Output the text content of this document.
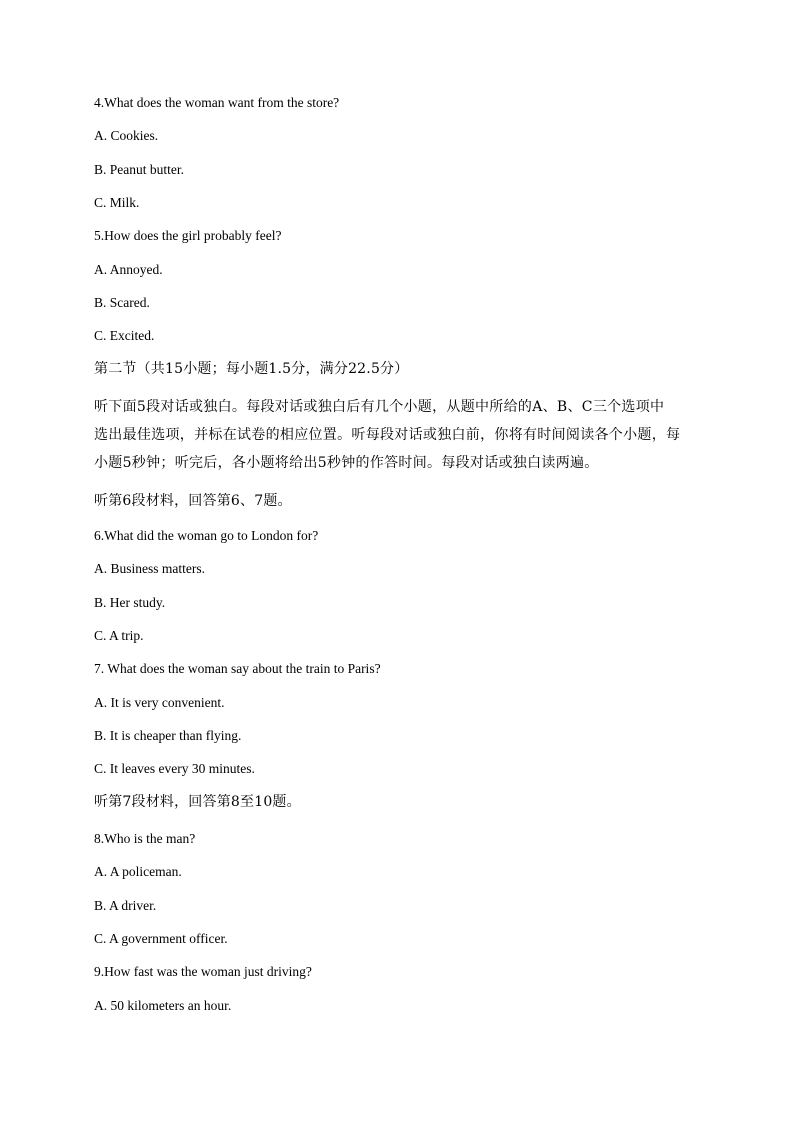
4.What does the woman want from the store?
A. Cookies.
B. Peanut butter.
C. Milk.
5.How does the girl probably feel?
A. Annoyed.
B. Scared.
C. Excited.
第二节（共15小题；每小题1.5分，满分22.5分）
听下面5段对话或独白。每段对话或独白后有几个小题，从题中所给的A、B、C三个选项中
选出最佳选项，并标在试卷的相应位置。听每段对话或独白前，你将有时间阅读各个小题，每
小题5秒钟；听完后，各小题将给出5秒钟的作答时间。每段对话或独白读两遍。
听第6段材料，回答第6、7题。
6.What did the woman go to London for?
A. Business matters.
B. Her study.
C. A trip.
7. What does the woman say about the train to Paris?
A. It is very convenient.
B. It is cheaper than flying.
C. It leaves every 30 minutes.
听第7段材料，回答第8至10题。
8.Who is the man?
A. A policeman.
B. A driver.
C. A government officer.
9.How fast was the woman just driving?
A. 50 kilometers an hour.
